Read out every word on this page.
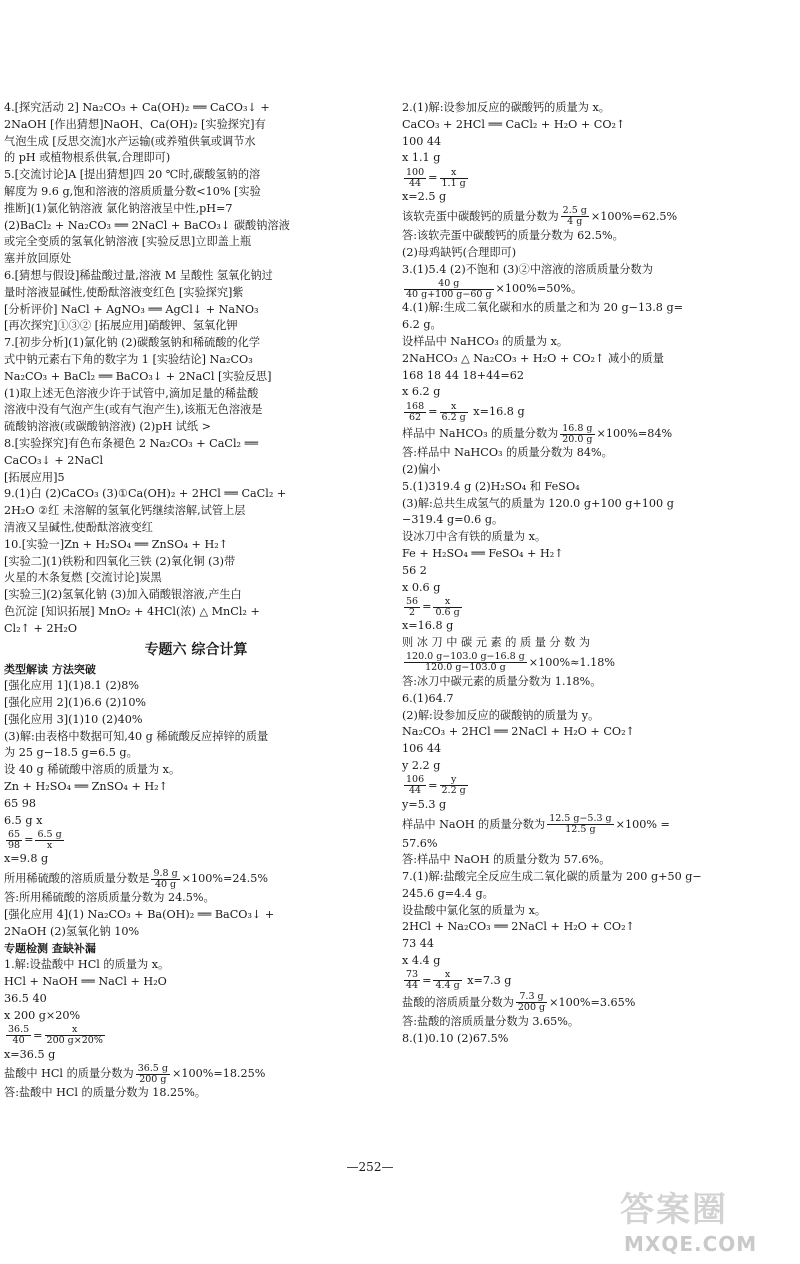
4.[探究活动 2] Na₂CO₃ + Ca(OH)₂ ══ CaCO₃↓ +
2NaOH [作出猜想]NaOH、Ca(OH)₂ [实验探究]有
气泡生成 [反思交流]水产运输(或养殖供氧或调节水
的 pH 或植物根系供氧,合理即可)
5.[交流讨论]A [提出猜想]四 20 ℃时,碳酸氢钠的溶
解度为 9.6 g,饱和溶液的溶质质量分数<10% [实验
推断](1)氯化钠溶液 氯化钠溶液呈中性,pH=7
(2)BaCl₂ + Na₂CO₃ ══ 2NaCl + BaCO₃↓ 碳酸钠溶液
或完全变质的氢氧化钠溶液 [实验反思]立即盖上瓶
塞并放回原处
6.[猜想与假设]稀盐酸过量,溶液 M 呈酸性 氢氧化钠过
量时溶液显碱性,使酚酞溶液变红色 [实验探究]紫
[分析评价] NaCl + AgNO₃ ══ AgCl↓ + NaNO₃
[再次探究]①③② [拓展应用]硝酸钾、氢氧化钾
7.[初步分析](1)氯化钠 (2)碳酸氢钠和稀硫酸的化学
式中钠元素右下角的数字为 1 [实验结论] Na₂CO₃
Na₂CO₃ + BaCl₂ ══ BaCO₃↓ + 2NaCl [实验反思]
(1)取上述无色溶液少许于试管中,滴加足量的稀盐酸
溶液中没有气泡产生(或有气泡产生),该瓶无色溶液是
硫酸钠溶液(或碳酸钠溶液) (2)pH 试纸 >
8.[实验探究]有色布条褪色 2 Na₂CO₃ + CaCl₂ ══
CaCO₃↓ + 2NaCl
[拓展应用]5
9.(1)白 (2)CaCO₃ (3)①Ca(OH)₂ + 2HCl ══ CaCl₂ +
2H₂O ②红 未溶解的氢氧化钙继续溶解,试管上层
清液又呈碱性,使酚酞溶液变红
10.[实验一]Zn + H₂SO₄ ══ ZnSO₄ + H₂↑
[实验二](1)铁粉和四氧化三铁 (2)氧化铜 (3)带
火星的木条复燃 [交流讨论]炭黑
[实验三](2)氢氧化钠 (3)加入硝酸银溶液,产生白
色沉淀 [知识拓展] MnO₂ + 4HCl(浓) △ MnCl₂ +
Cl₂↑ + 2H₂O
专题六 综合计算
类型解读 方法突破
[强化应用 1](1)8.1 (2)8%
[强化应用 2](1)6.6 (2)10%
[强化应用 3](1)10 (2)40%
(3)解:由表格中数据可知,40 g 稀硫酸反应掉锌的质量
为 25 g−18.5 g=6.5 g。
设 40 g 稀硫酸中溶质的质量为 x。
Zn + H₂SO₄ ══ ZnSO₄ + H₂↑
65 98
6.5 g x
$\frac{65}{98} = \frac{6.5 g}{x}$
x=9.8 g
所用稀硫酸的溶质质量分数是 $\frac{9.8 g}{40 g} \times 100\%=24.5\%$
答:所用稀硫酸的溶质质量分数为 24.5%。
[强化应用 4](1) Na₂CO₃ + Ba(OH)₂ ══ BaCO₃↓ +
2NaOH (2)氢氧化钠 10%
专题检测 查缺补漏
1.解:设盐酸中 HCl 的质量为 x。
HCl + NaOH ══ NaCl + H₂O
36.5 40
x 200 g×20%
$\frac{36.5}{40} = \frac{x}{200 g\times 20\%}$
x=36.5 g
盐酸中 HCl 的质量分数为 $\frac{36.5 g}{200 g} \times 100\%=18.25\%$
答:盐酸中 HCl 的质量分数为 18.25%。
2.(1)解:设参加反应的碳酸钙的质量为 x。
CaCO₃ + 2HCl ══ CaCl₂ + H₂O + CO₂↑
100 44
x 1.1 g
$\frac{100}{44} = \frac{x}{1.1 g}$
x=2.5 g
该软壳蛋中碳酸钙的质量分数为 $\frac{2.5 g}{4 g} \times 100\%=62.5\%$
答:该软壳蛋中碳酸钙的质量分数为 62.5%。
(2)母鸡缺钙(合理即可)
3.(1)5.4 (2)不饱和 (3)②中溶液的溶质质量分数为
$\frac{40 g}{40 g+100 g-60 g} \times 100\%=50\%$。
4.(1)解:生成二氧化碳和水的质量之和为 20 g−13.8 g=
6.2 g。
设样品中 NaHCO₃ 的质量为 x。
2NaHCO₃ △ Na₂CO₃ + H₂O + CO₂↑ 减小的质量
168 18 44 18+44=62
x 6.2 g
$\frac{168}{62} = \frac{x}{6.2 g} x=16.8$ g
样品中 NaHCO₃ 的质量分数为 $\frac{16.8 g}{20.0 g} \times 100\%=84\%$
答:样品中 NaHCO₃ 的质量分数为 84%。
(2)偏小
5.(1)319.4 g (2)H₂SO₄ 和 FeSO₄
(3)解:总共生成氢气的质量为 120.0 g+100 g+100 g
−319.4 g=0.6 g。
设冰刀中含有铁的质量为 x。
Fe + H₂SO₄ ══ FeSO₄ + H₂↑
56 2
x 0.6 g
$\frac{56}{2} = \frac{x}{0.6 g}$
x=16.8 g
则 冰 刀 中 碳 元 素 的 质 量 分 数 为
$\frac{120.0 g-103.0 g-16.8 g}{120.0 g-103.0 g} \times 100\%\approx 1.18\%$
答:冰刀中碳元素的质量分数为 1.18%。
6.(1)64.7
(2)解:设参加反应的碳酸钠的质量为 y。
Na₂CO₃ + 2HCl ══ 2NaCl + H₂O + CO₂↑
106 44
y 2.2 g
$\frac{106}{44} = \frac{y}{2.2 g}$
y=5.3 g
样品中 NaOH 的质量分数为 $\frac{12.5 g-5.3 g}{12.5 g} \times 100\%$ =
57.6%
答:样品中 NaOH 的质量分数为 57.6%。
7.(1)解:盐酸完全反应生成二氧化碳的质量为 200 g+50 g−
245.6 g=4.4 g。
设盐酸中氯化氢的质量为 x。
2HCl + Na₂CO₃ ══ 2NaCl + H₂O + CO₂↑
73 44
x 4.4 g
$\frac{73}{44} = \frac{x}{4.4 g} x=7.3$ g
盐酸的溶质质量分数为 $\frac{7.3 g}{200 g} \times 100\%=3.65\%$
答:盐酸的溶质质量分数为 3.65%。
8.(1)0.10 (2)67.5%
—252—
答案圈
MXQE.COM
